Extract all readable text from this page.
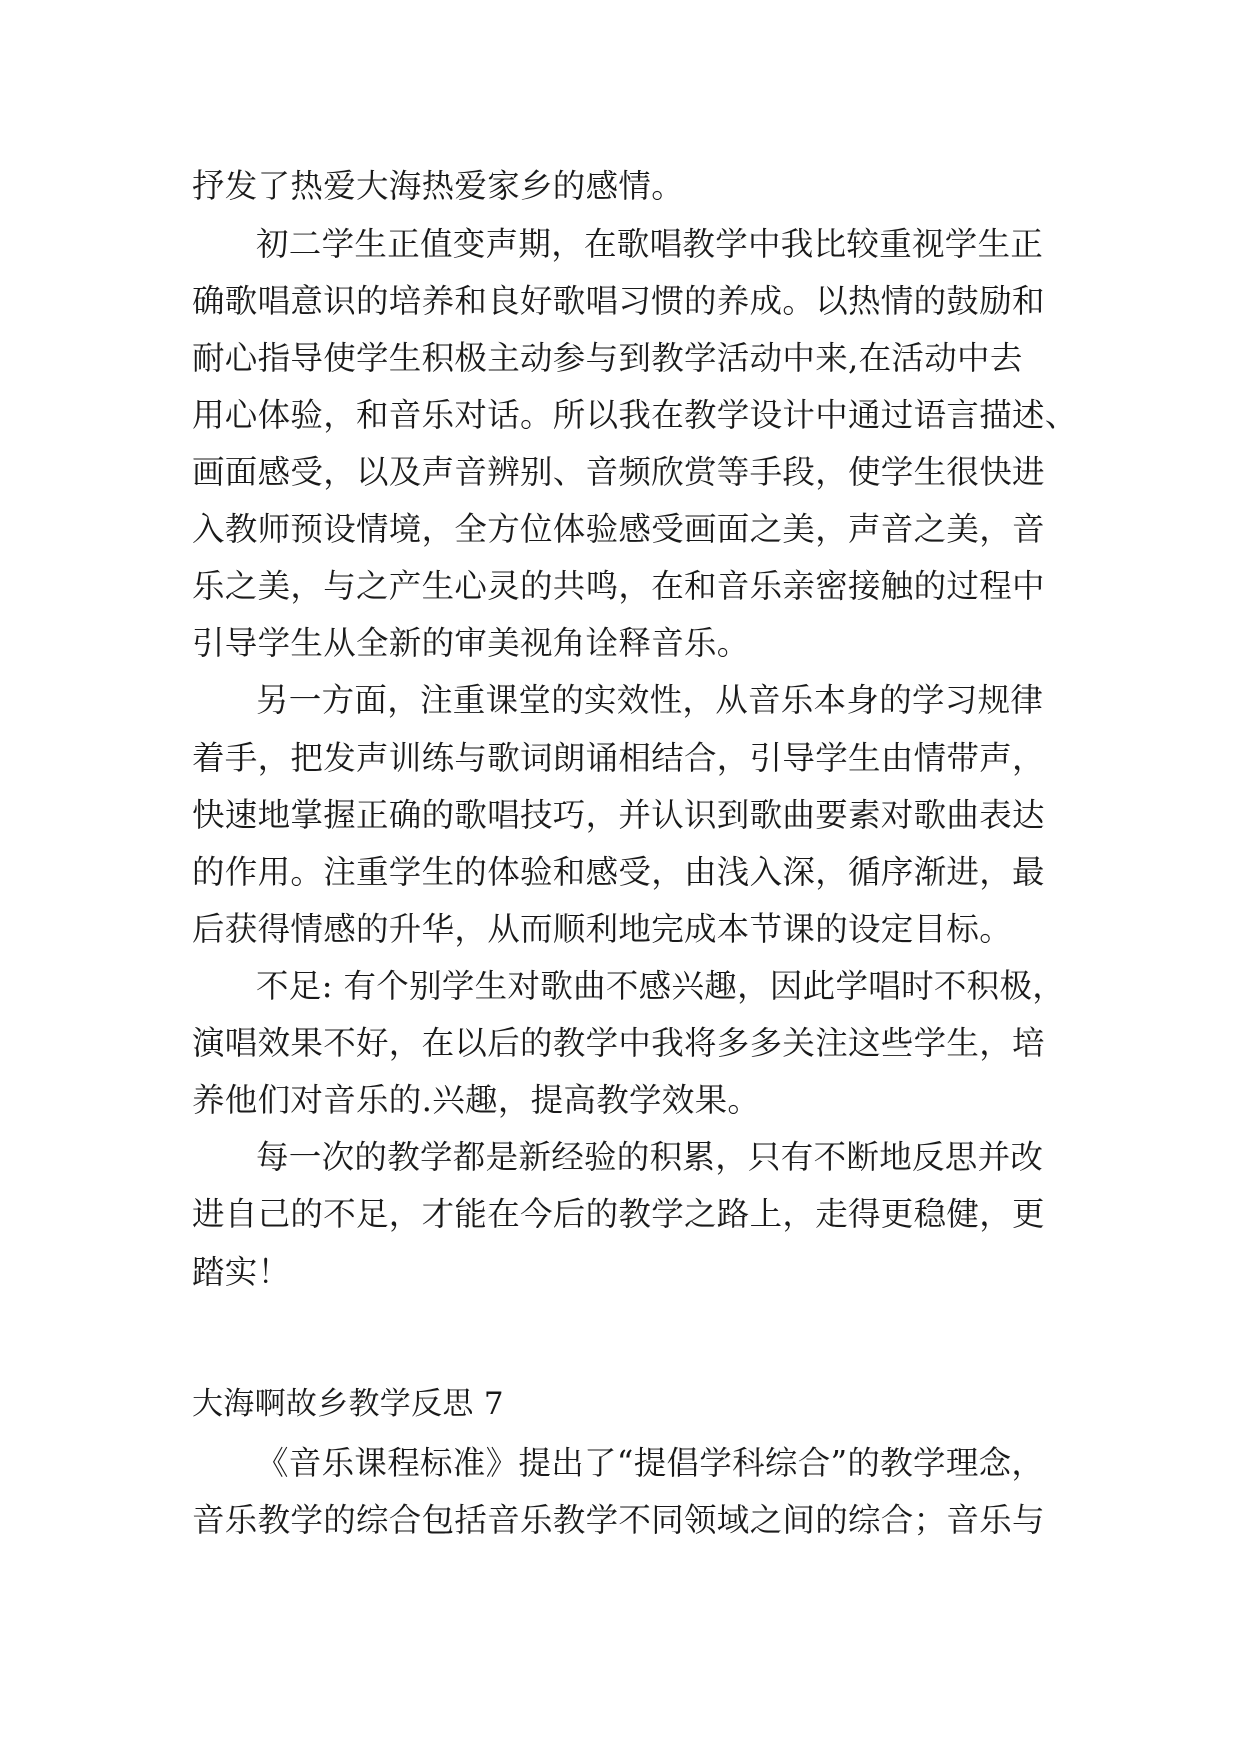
抒发了热爱大海热爱家乡的感情。
初二学生正值变声期，在歌唱教学中我比较重视学生正
确歌唱意识的培养和良好歌唱习惯的养成。以热情的鼓励和
耐心指导使学生积极主动参与到教学活动中来,在活动中去
用心体验，和音乐对话。所以我在教学设计中通过语言描述、
画面感受，以及声音辨别、音频欣赏等手段，使学生很快进
入教师预设情境，全方位体验感受画面之美，声音之美，音
乐之美，与之产生心灵的共鸣，在和音乐亲密接触的过程中
引导学生从全新的审美视角诠释音乐。
另一方面，注重课堂的实效性，从音乐本身的学习规律
着手，把发声训练与歌词朗诵相结合，引导学生由情带声，
快速地掌握正确的歌唱技巧，并认识到歌曲要素对歌曲表达
的作用。注重学生的体验和感受，由浅入深，循序渐进，最
后获得情感的升华，从而顺利地完成本节课的设定目标。
不足: 有个别学生对歌曲不感兴趣，因此学唱时不积极，
演唱效果不好，在以后的教学中我将多多关注这些学生，培
养他们对音乐的.兴趣，提高教学效果。
每一次的教学都是新经验的积累，只有不断地反思并改
进自己的不足，才能在今后的教学之路上，走得更稳健，更
踏实！
大海啊故乡教学反思 7
《音乐课程标准》提出了“提倡学科综合”的教学理念，
音乐教学的综合包括音乐教学不同领域之间的综合；音乐与
